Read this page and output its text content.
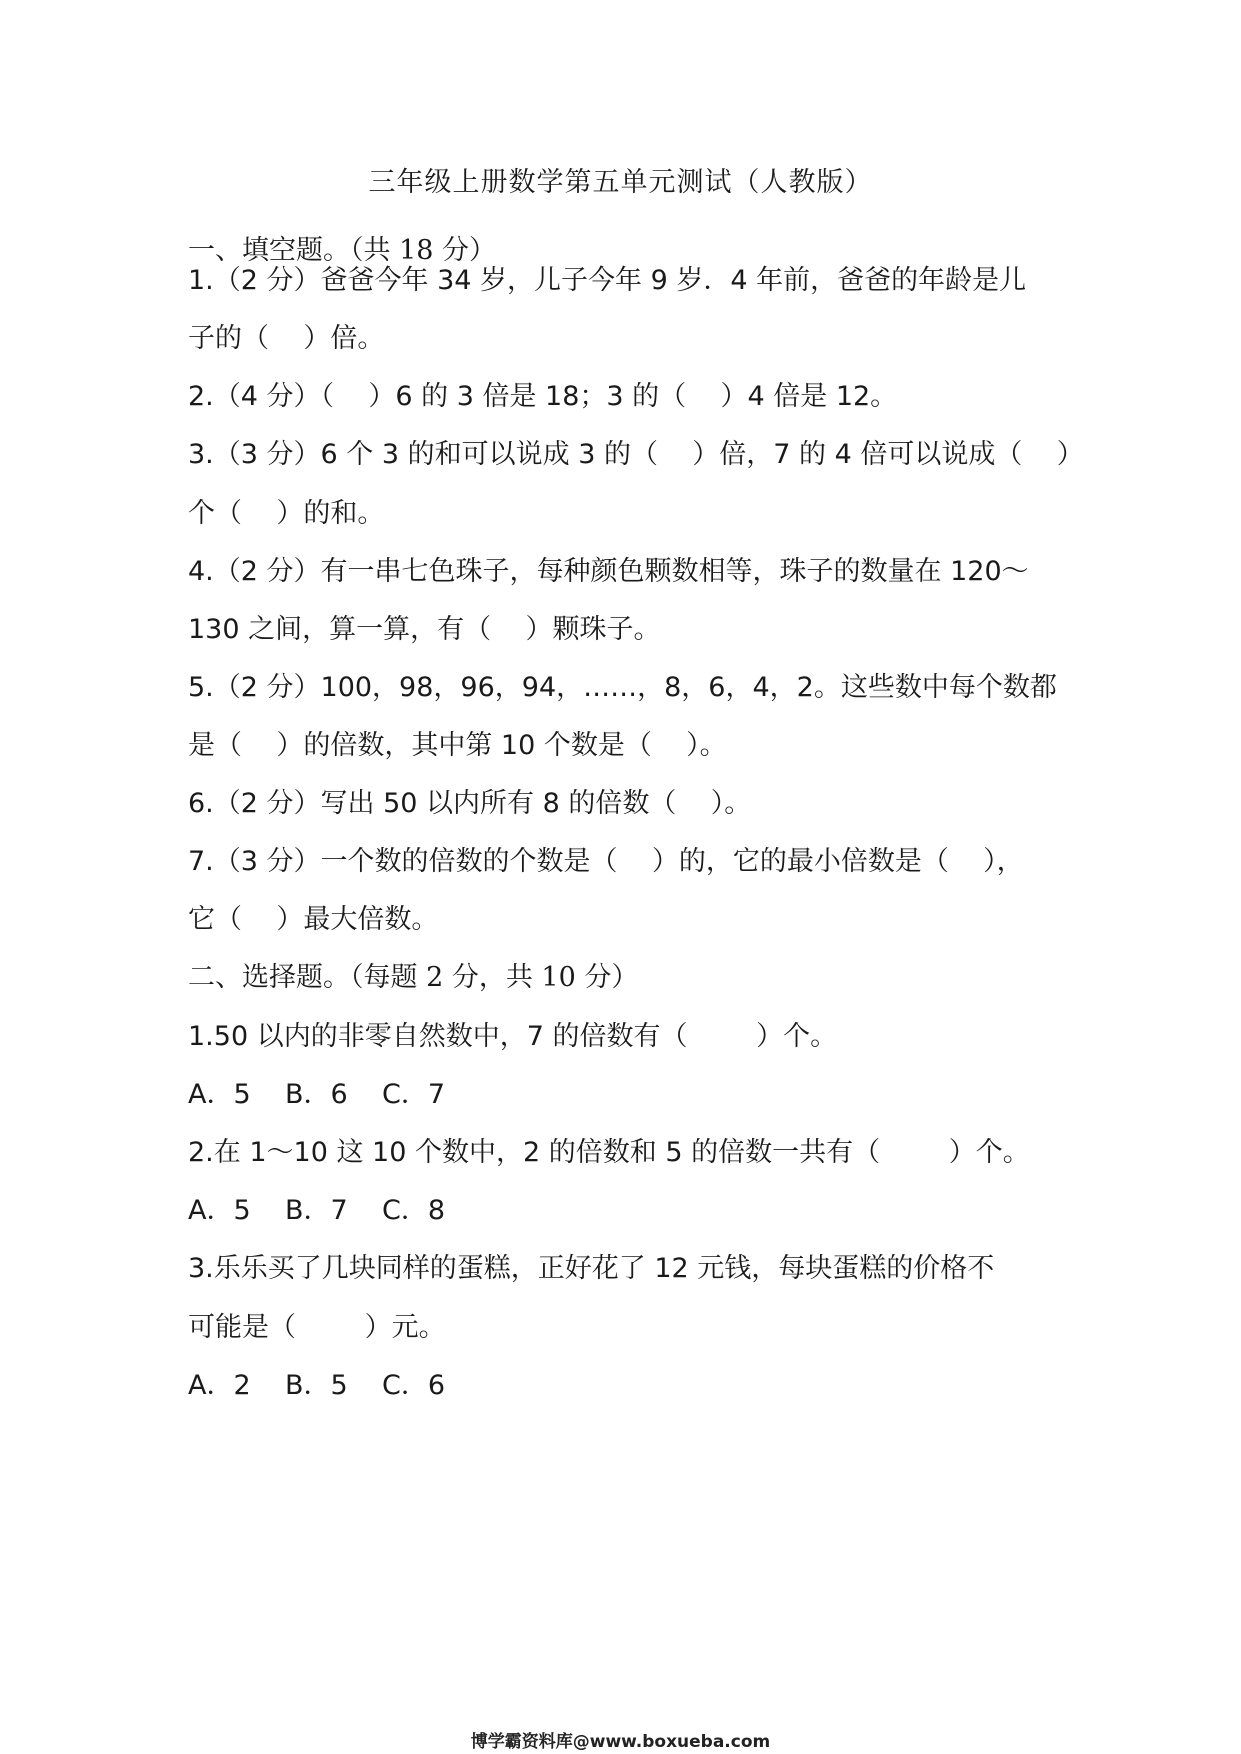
三年级上册数学第五单元测试（人教版）
一、填空题。（共 18 分）
1.（2 分）爸爸今年 34 岁，儿子今年 9 岁．4 年前，爸爸的年龄是儿
子的（    ）倍。
2.（4 分）（    ）6 的 3 倍是 18；3 的（    ）4 倍是 12。
3.（3 分）6 个 3 的和可以说成 3 的（    ）倍，7 的 4 倍可以说成（    ）
个（    ）的和。
4.（2 分）有一串七色珠子，每种颜色颗数相等，珠子的数量在 120～
130 之间，算一算，有（    ）颗珠子。
5.（2 分）100，98，96，94，……，8，6，4，2。这些数中每个数都
是（    ）的倍数，其中第 10 个数是（    ）。
6.（2 分）写出 50 以内所有 8 的倍数（    ）。
7.（3 分）一个数的倍数的个数是（    ）的，它的最小倍数是（    ），
它（    ）最大倍数。
二、选择题。（每题 2 分，共 10 分）
1.50 以内的非零自然数中，7 的倍数有（        ）个。
A．5    B．6    C．7
2.在 1～10 这 10 个数中，2 的倍数和 5 的倍数一共有（        ）个。
A．5    B．7    C．8
3.乐乐买了几块同样的蛋糕，正好花了 12 元钱，每块蛋糕的价格不
可能是（        ）元。
A．2    B．5    C．6
博学霸资料库@www.boxueba.com
